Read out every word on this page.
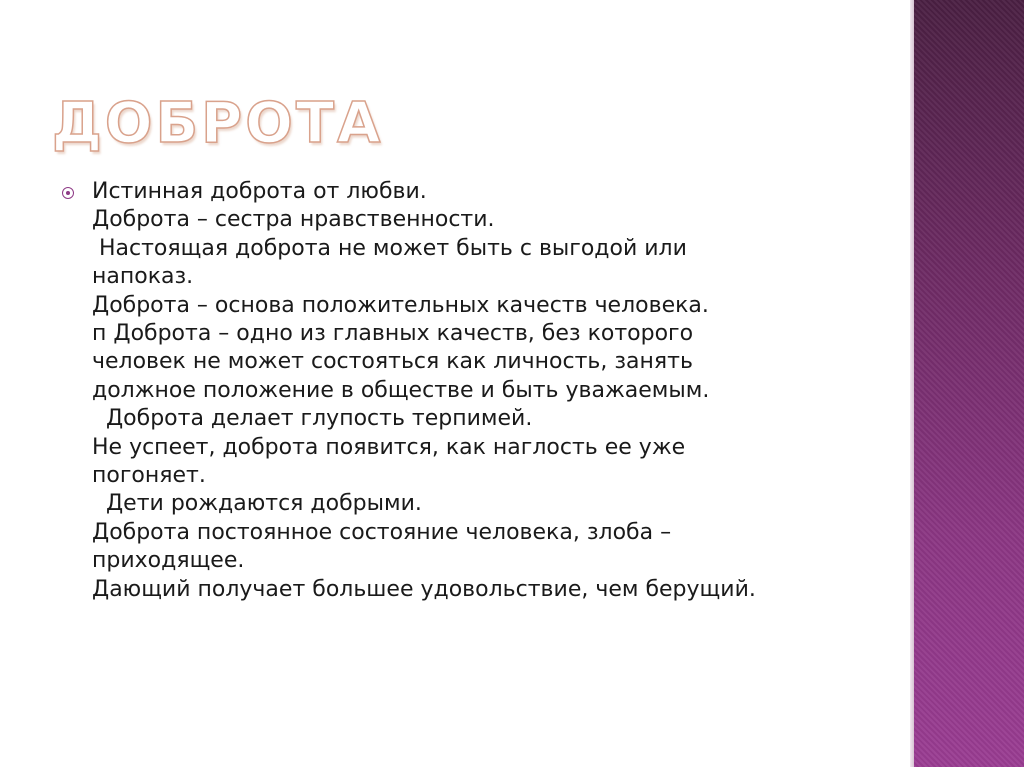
ДОБРОТА
Истинная доброта от любви.
Доброта – сестра нравственности.
Настоящая доброта не может быть с выгодой или
напоказ.
Доброта – основа положительных качеств человека.
п Доброта – одно из главных качеств, без которого
человек не может состояться как личность, занять
должное положение в обществе и быть уважаемым.
Доброта делает глупость терпимей.
Не успеет, доброта появится, как наглость ее уже
погоняет.
Дети рождаются добрыми.
Доброта постоянное состояние человека, злоба –
приходящее.
Дающий получает большее удовольствие, чем берущий.
